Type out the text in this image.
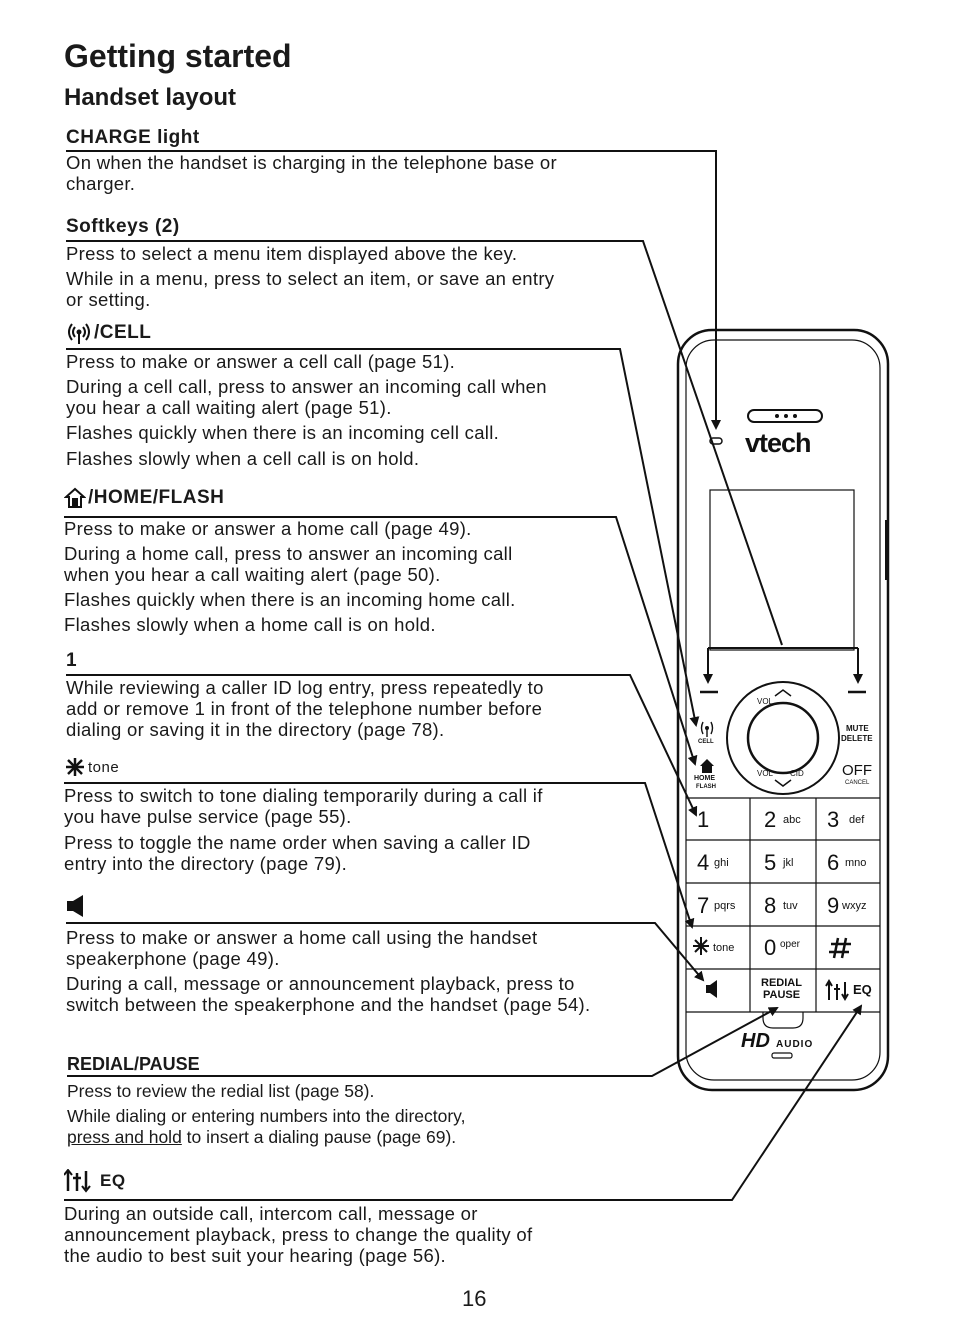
Getting started
Handset layout
CHARGE light
On when the handset is charging in the telephone base or
charger.
Softkeys (2)
Press to select a menu item displayed above the key.
While in a menu, press to select an item, or save an entry
or setting.
/CELL
Press to make or answer a cell call (page 51).
During a cell call, press to answer an incoming call when
you hear a call waiting alert (page 51).
Flashes quickly when there is an incoming cell call.
Flashes slowly when a cell call is on hold.
/HOME/FLASH
Press to make or answer a home call (page 49).
During a home call, press to answer an incoming call
when you hear a call waiting alert (page 50).
Flashes quickly when there is an incoming home call.
Flashes slowly when a home call is on hold.
1
While reviewing a caller ID log entry, press repeatedly to
add or remove 1 in front of the telephone number before
dialing or saving it in the directory (page 78).
tone
Press to switch to tone dialing temporarily during a call if
you have pulse service (page 55).
Press to toggle the name order when saving a caller ID
entry into the directory (page 79).
Press to make or answer a home call using the handset
speakerphone (page 49).
During a call, message or announcement playback, press to
switch between the speakerphone and the handset (page 54).
REDIAL/PAUSE
Press to review the redial list (page 58).
While dialing or entering numbers into the directory,
press and hold to insert a dialing pause (page 69).
EQ
During an outside call, intercom call, message or
announcement playback, press to change the quality of
the audio to best suit your hearing (page 56).
16
vtech
VOL
VOL CID
CELL
HOME
FLASH
MUTE
DELETE
OFF
CANCEL
1 2 abc 3 def
4 ghi 5 jkl 6 mno
7 pqrs 8 tuv 9 wxyz
tone 0 oper
REDIAL
PAUSE	EQ
HD AUDIO
